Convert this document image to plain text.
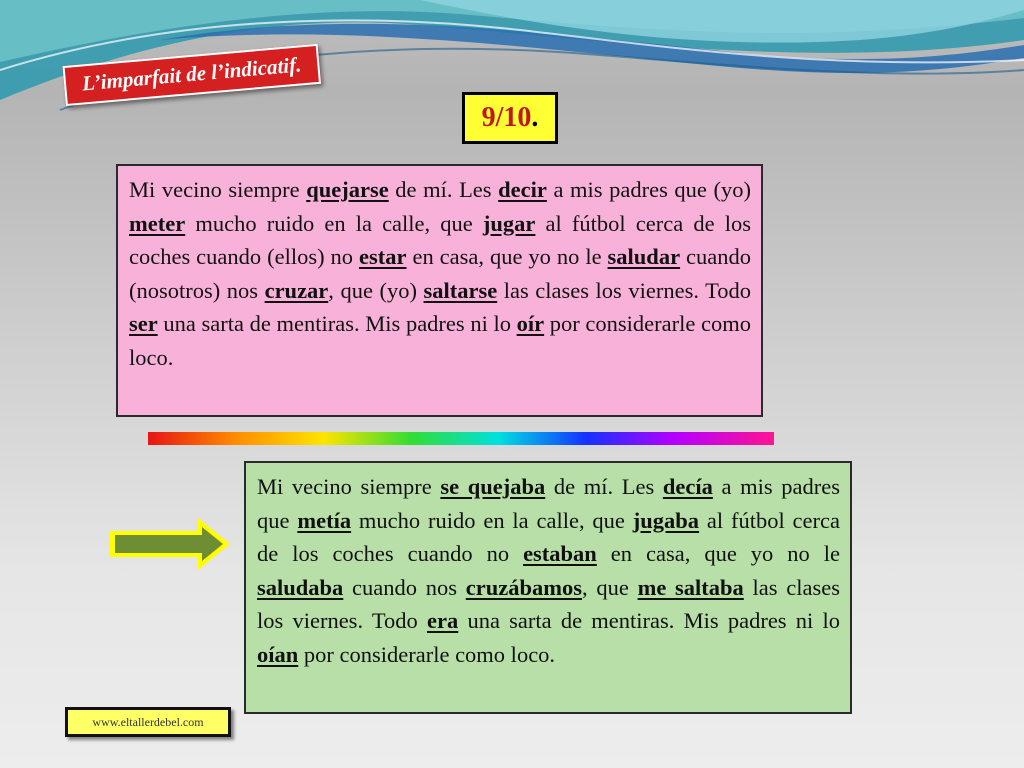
L’imparfait de l’indicatif.
9/10 .
Mi vecino siempre quejarse de mí. Les decir a mis padres que (yo) meter mucho ruido en la calle, que jugar al fútbol cerca de los coches cuando (ellos) no estar en casa, que yo no le saludar cuando (nosotros) nos cruzar, que (yo) saltarse las clases los viernes. Todo ser una sarta de mentiras. Mis padres ni lo oír por considerarle como loco.
Mi vecino siempre se quejaba de mí. Les decía a mis padres que metía mucho ruido en la calle, que jugaba al fútbol cerca de los coches cuando no estaban en casa, que yo no le saludaba cuando nos cruzábamos, que me saltaba las clases los viernes. Todo era una sarta de mentiras. Mis padres ni lo oían por considerarle como loco.
www.eltallerdebel.com
